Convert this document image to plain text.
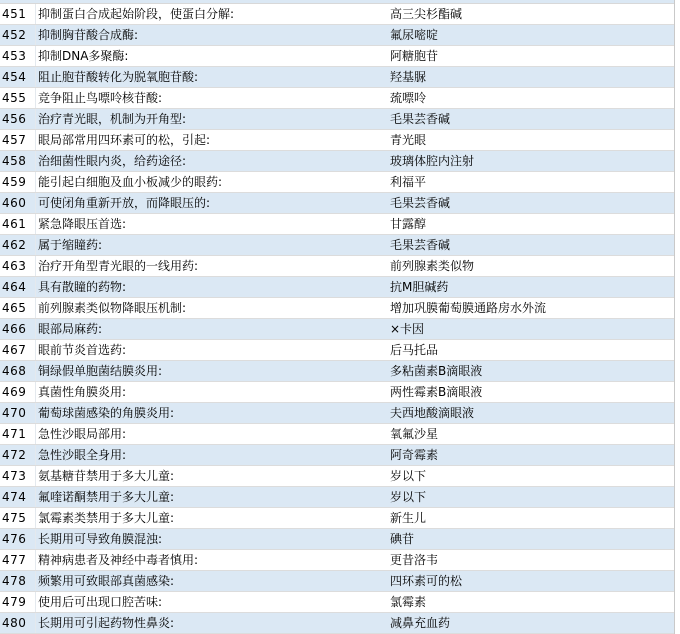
451 抑制蛋白合成起始阶段，使蛋白分解:	高三尖杉酯碱
452 抑制胸苷酸合成酶:	氟尿嘧啶
453 抑制DNA多聚酶:	阿糖胞苷
454 阻止胞苷酸转化为脱氧胞苷酸:	羟基脲
455 竞争阻止鸟嘌呤核苷酸:	巯嘌呤
456 治疗青光眼，机制为开角型:	毛果芸香碱
457 眼局部常用四环素可的松，引起:	青光眼
458 治细菌性眼内炎，给药途径:	玻璃体腔内注射
459 能引起白细胞及血小板减少的眼药:	利福平
460 可使闭角重新开放，而降眼压的:	毛果芸香碱
461 紧急降眼压首选:	甘露醇
462 属于缩瞳药:	毛果芸香碱
463 治疗开角型青光眼的一线用药:	前列腺素类似物
464 具有散瞳的药物:	抗M胆碱药
465 前列腺素类似物降眼压机制:	增加巩膜葡萄膜通路房水外流
466 眼部局麻药:	×卡因
467 眼前节炎首选药:	后马托品
468 铜绿假单胞菌结膜炎用:	多粘菌素B滴眼液
469 真菌性角膜炎用:	两性霉素B滴眼液
470 葡萄球菌感染的角膜炎用:	夫西地酸滴眼液
471 急性沙眼局部用:	氧氟沙星
472 急性沙眼全身用:	阿奇霉素
473 氨基糖苷禁用于多大儿童:	岁以下
474 氟喹诺酮禁用于多大儿童:	岁以下
475 氯霉素类禁用于多大儿童:	新生儿
476 长期用可导致角膜混浊:	碘苷
477 精神病患者及神经中毒者慎用:	更昔洛韦
478 频繁用可致眼部真菌感染:	四环素可的松
479 使用后可出现口腔苦味:	氯霉素
480 长期用可引起药物性鼻炎:	减鼻充血药
